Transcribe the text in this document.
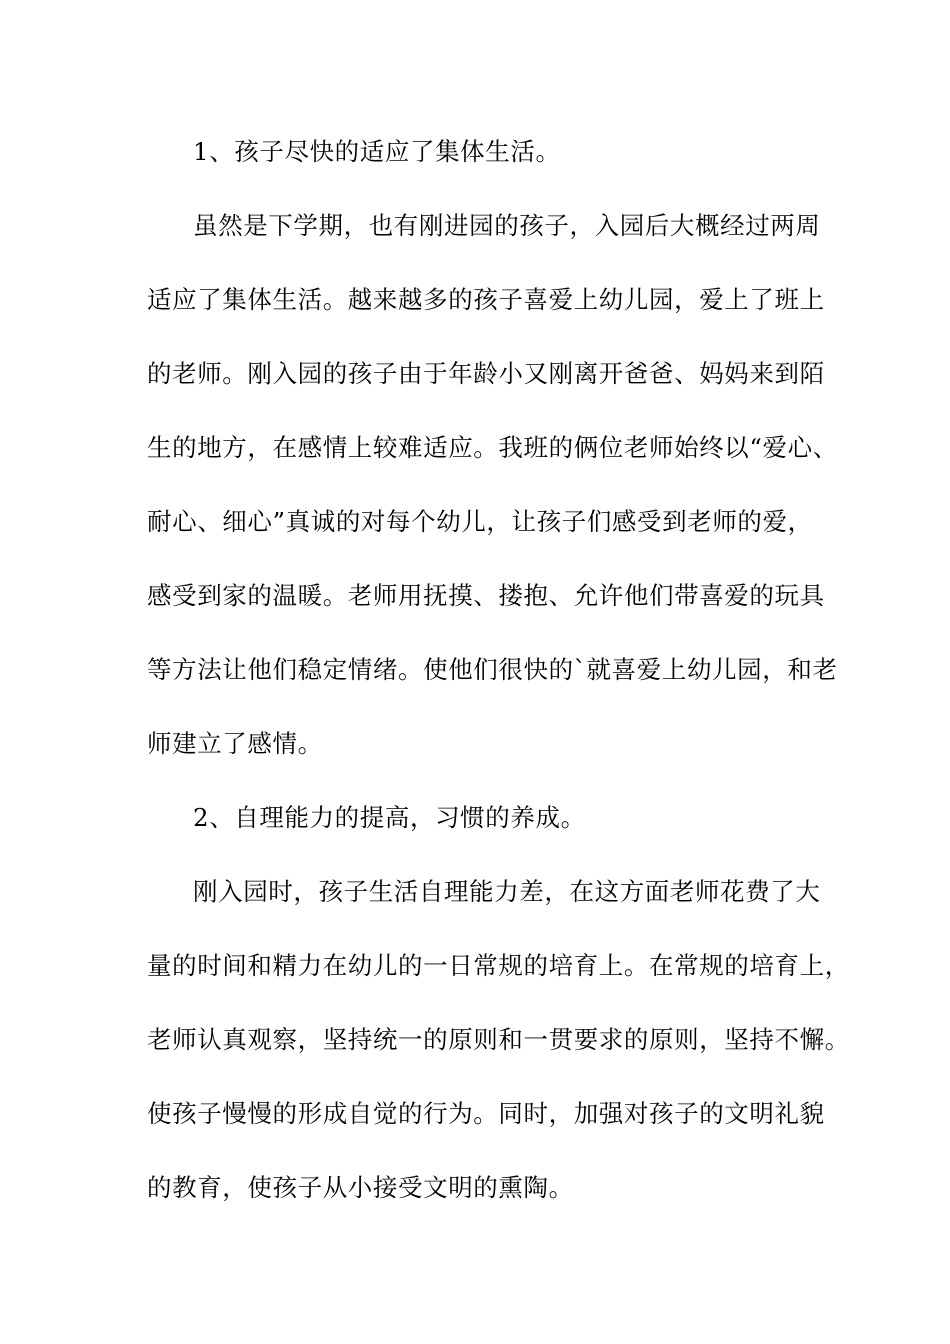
1、孩子尽快的适应了集体生活。
虽然是下学期，也有刚进园的孩子，入园后大概经过两周
适应了集体生活。越来越多的孩子喜爱上幼儿园，爱上了班上
的老师。刚入园的孩子由于年龄小又刚离开爸爸、妈妈来到陌
生的地方，在感情上较难适应。我班的俩位老师始终以“爱心、
耐心、细心”真诚的对每个幼儿，让孩子们感受到老师的爱，
感受到家的温暖。老师用抚摸、搂抱、允许他们带喜爱的玩具
等方法让他们稳定情绪。使他们很快的`就喜爱上幼儿园，和老
师建立了感情。
2、自理能力的提高，习惯的养成。
刚入园时，孩子生活自理能力差，在这方面老师花费了大
量的时间和精力在幼儿的一日常规的培育上。在常规的培育上，
老师认真观察，坚持统一的原则和一贯要求的原则，坚持不懈。
使孩子慢慢的形成自觉的行为。同时，加强对孩子的文明礼貌
的教育，使孩子从小接受文明的熏陶。
